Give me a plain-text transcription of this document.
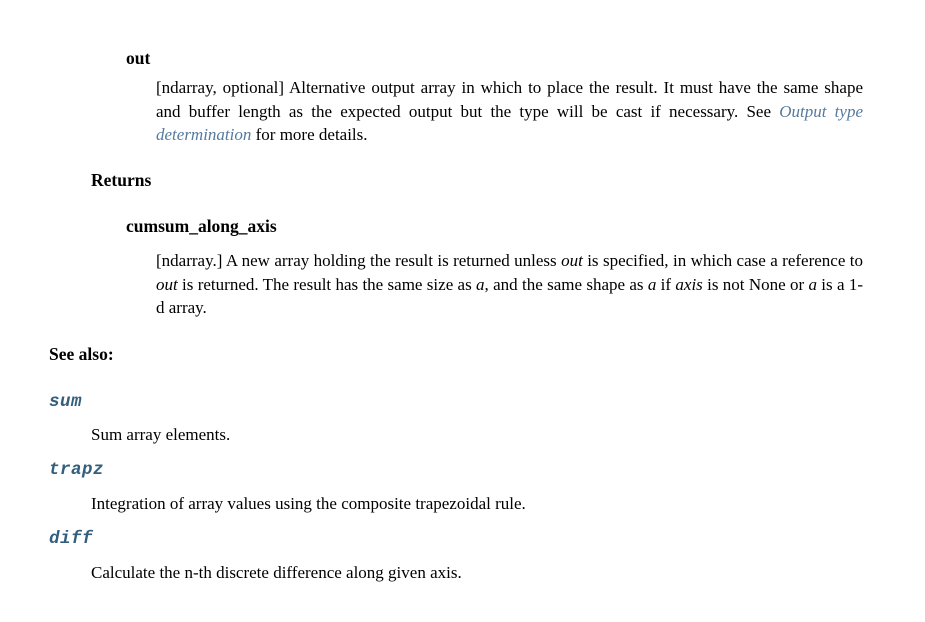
out
[ndarray, optional] Alternative output array in which to place the result. It must have the same shape and buffer length as the expected output but the type will be cast if necessary. See Output type determination for more details.
Returns
cumsum_along_axis
[ndarray.] A new array holding the result is returned unless out is specified, in which case a reference to out is returned. The result has the same size as a, and the same shape as a if axis is not None or a is a 1-d array.
See also:
sum
Sum array elements.
trapz
Integration of array values using the composite trapezoidal rule.
diff
Calculate the n-th discrete difference along given axis.
